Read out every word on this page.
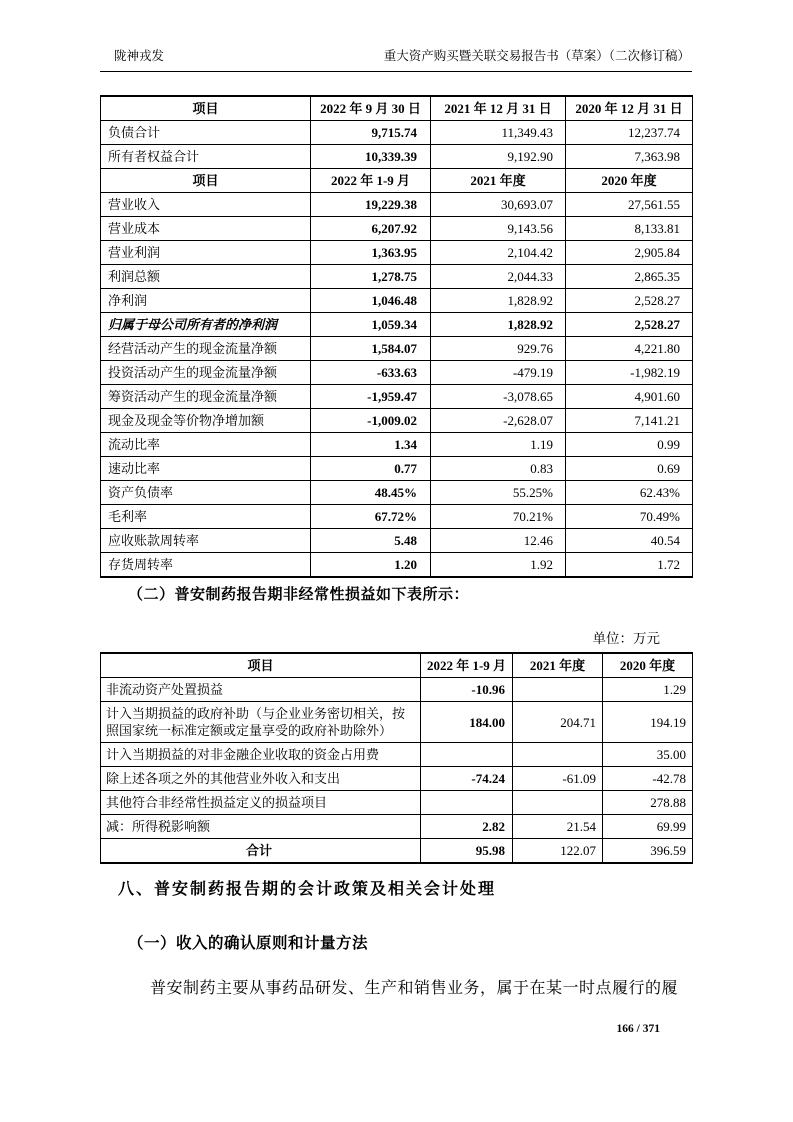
陇神戎发	重大资产购买暨关联交易报告书（草案）（二次修订稿）
项目	2022 年 9 月 30 日	2021 年 12 月 31 日	2020 年 12 月 31 日
负债合计	9,715.74	11,349.43	12,237.74
所有者权益合计	10,339.39	9,192.90	7,363.98
项目	2022 年 1-9 月	2021 年度	2020 年度
营业收入	19,229.38	30,693.07	27,561.55
营业成本	6,207.92	9,143.56	8,133.81
营业利润	1,363.95	2,104.42	2,905.84
利润总额	1,278.75	2,044.33	2,865.35
净利润	1,046.48	1,828.92	2,528.27
归属于母公司所有者的净利润	1,059.34	1,828.92	2,528.27
经营活动产生的现金流量净额	1,584.07	929.76	4,221.80
投资活动产生的现金流量净额	-633.63	-479.19	-1,982.19
筹资活动产生的现金流量净额	-1,959.47	-3,078.65	4,901.60
现金及现金等价物净增加额	-1,009.02	-2,628.07	7,141.21
流动比率	1.34	1.19	0.99
速动比率	0.77	0.83	0.69
资产负债率	48.45%	55.25%	62.43%
毛利率	67.72%	70.21%	70.49%
应收账款周转率	5.48	12.46	40.54
存货周转率	1.20	1.92	1.72
（二）普安制药报告期非经常性损益如下表所示：
单位：万元
项目	2022 年 1-9 月	2021 年度	2020 年度
非流动资产处置损益	-10.96		1.29
计入当期损益的政府补助（与企业业务密切相关，按照国家统一标准定额或定量享受的政府补助除外）	184.00	204.71	194.19
计入当期损益的对非金融企业收取的资金占用费			35.00
除上述各项之外的其他营业外收入和支出	-74.24	-61.09	-42.78
其他符合非经常性损益定义的损益项目			278.88
减：所得税影响额	2.82	21.54	69.99
合计	95.98	122.07	396.59
八、普安制药报告期的会计政策及相关会计处理
（一）收入的确认原则和计量方法

普安制药主要从事药品研发、生产和销售业务，属于在某一时点履行的履

166 / 371
